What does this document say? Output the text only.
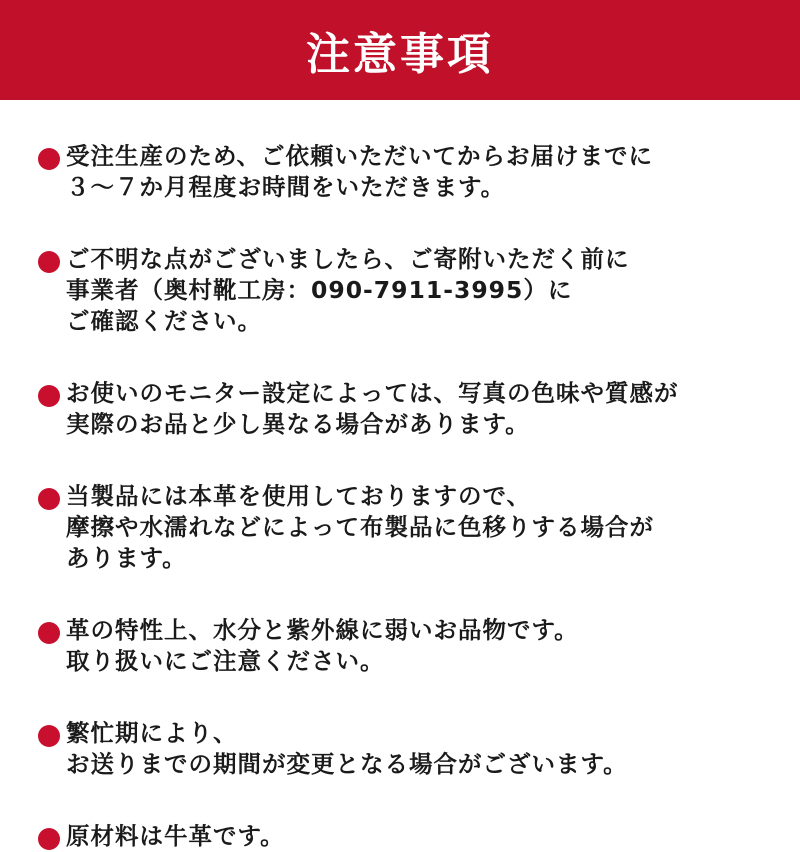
注意事項
受注生産のため、ご依頼いただいてからお届けまでに
３～７か月程度お時間をいただきます。
ご不明な点がございましたら、ご寄附いただく前に
事業者（奥村靴工房：090-7911-3995）に
ご確認ください。
お使いのモニター設定によっては、写真の色味や質感が
実際のお品と少し異なる場合があります。
当製品には本革を使用しておりますので、
摩擦や水濡れなどによって布製品に色移りする場合が
あります。
革の特性上、水分と紫外線に弱いお品物です。
取り扱いにご注意ください。
繁忙期により、
お送りまでの期間が変更となる場合がございます。
原材料は牛革です。
